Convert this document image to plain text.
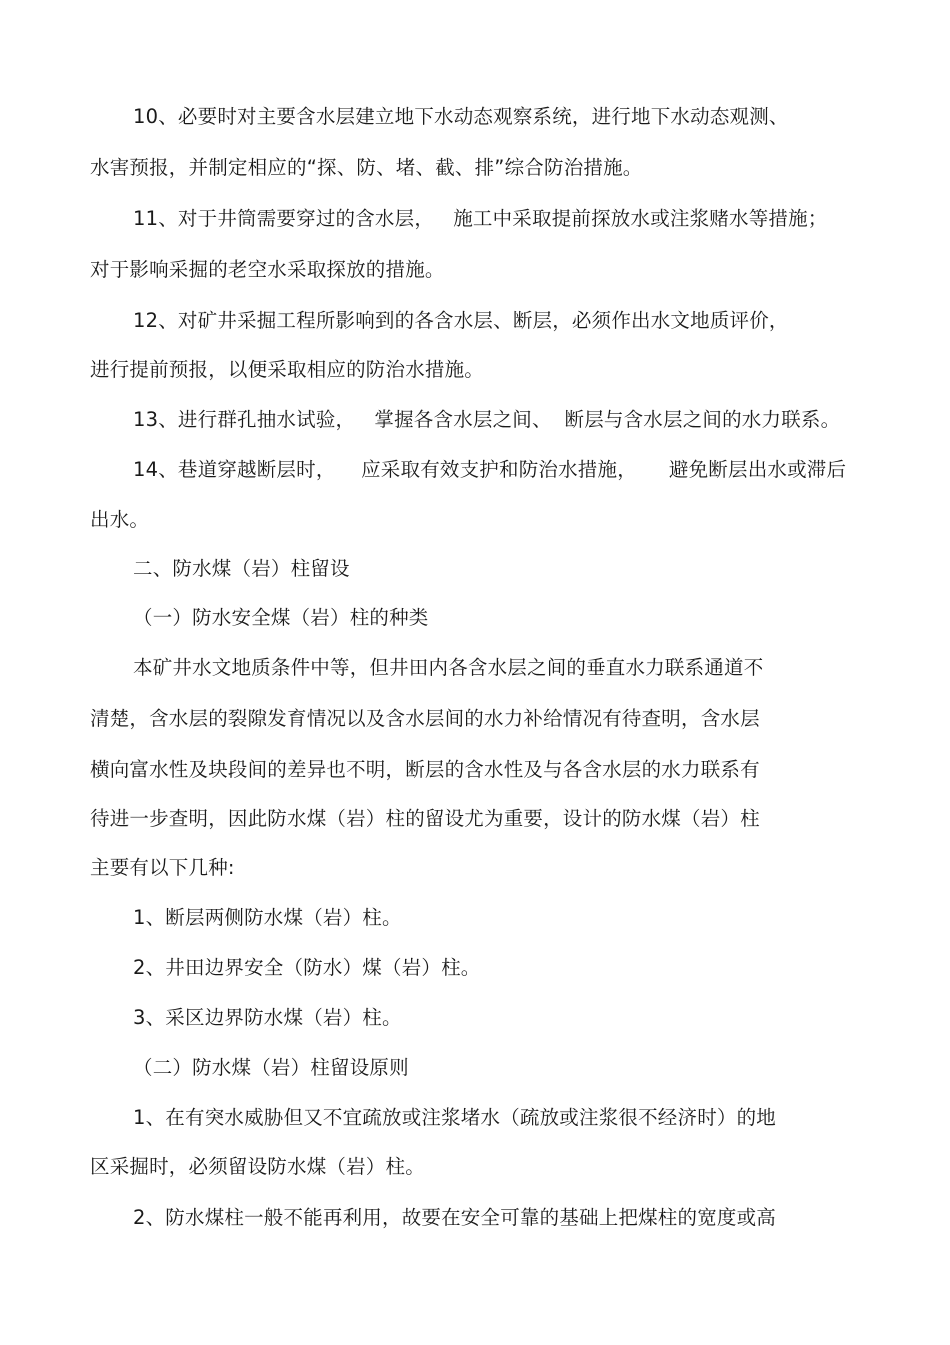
10、必要时对主要含水层建立地下水动态观察系统，进行地下水动态观测、
水害预报，并制定相应的“探、防、堵、截、排”综合防治措施。
11、对于井筒需要穿过的含水层，   施工中采取提前探放水或注浆赌水等措施；
对于影响采掘的老空水采取探放的措施。
12、对矿井采掘工程所影响到的各含水层、断层，必须作出水文地质评价，
进行提前预报，以便采取相应的防治水措施。
13、进行群孔抽水试验，   掌握各含水层之间、  断层与含水层之间的水力联系。
14、巷道穿越断层时，    应采取有效支护和防治水措施，     避免断层出水或滞后
出水。
二、防水煤（岩）柱留设
（一）防水安全煤（岩）柱的种类
本矿井水文地质条件中等，但井田内各含水层之间的垂直水力联系通道不
清楚，含水层的裂隙发育情况以及含水层间的水力补给情况有待查明，含水层
横向富水性及块段间的差异也不明，断层的含水性及与各含水层的水力联系有
待进一步查明，因此防水煤（岩）柱的留设尤为重要，设计的防水煤（岩）柱
主要有以下几种:
1、断层两侧防水煤（岩）柱。
2、井田边界安全（防水）煤（岩）柱。
3、采区边界防水煤（岩）柱。
（二）防水煤（岩）柱留设原则
1、在有突水威胁但又不宜疏放或注浆堵水（疏放或注浆很不经济时）的地
区采掘时，必须留设防水煤（岩）柱。
2、防水煤柱一般不能再利用，故要在安全可靠的基础上把煤柱的宽度或高
